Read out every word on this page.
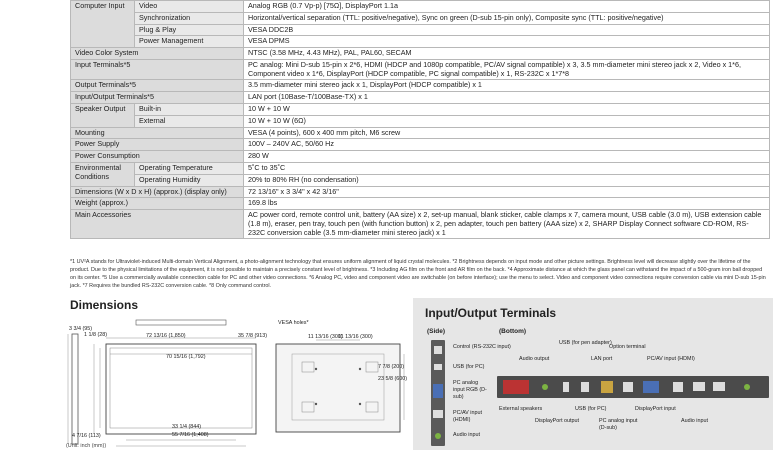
Computer Input	Video	Analog RGB (0.7 Vp-p) [75Ω], DisplayPort 1.1a
	Synchronization	Horizontal/vertical separation (TTL: positive/negative), Sync on green (D-sub 15-pin only), Composite sync (TTL: positive/negative)
	Plug & Play	VESA DDC2B
	Power Management	VESA DPMS
Video Color System		NTSC (3.58 MHz, 4.43 MHz), PAL, PAL60, SECAM
Input Terminals*5		PC analog: Mini D-sub 15-pin x 2*6, HDMI (HDCP and 1080p compatible, PC/AV signal compatible) x 3, 3.5 mm-diameter mini stereo jack x 2, Video x 1*6, Component video x 1*6, DisplayPort (HDCP compatible, PC signal compatible) x 1, RS-232C x 1*7*8
Output Terminals*5		3.5 mm-diameter mini stereo jack x 1, DisplayPort (HDCP compatible) x 1
Input/Output Terminals*5		LAN port (10Base-T/100Base-TX) x 1
Speaker Output	Built-in	10 W + 10 W
	External	10 W + 10 W (6Ω)
Mounting		VESA (4 points), 600 x 400 mm pitch, M6 screw
Power Supply		100V – 240V AC, 50/60 Hz
Power Consumption		280 W
Environmental Conditions	Operating Temperature	5˚C to 35˚C
	Operating Humidity	20% to 80% RH (no condensation)
Dimensions (W x D x H) (approx.) (display only)		72 13/16" x 3 3/4" x 42 3/16"
Weight (approx.)		169.8 lbs
Main Accessories		AC power cord, remote control unit, battery (AA size) x 2, set-up manual, blank sticker, cable clamps x 7, camera mount, USB cable (3.0 m), USB extension cable (1.8 m), eraser, pen tray, touch pen (with function button) x 2, pen adapter, touch pen battery (AAA size) x 2, SHARP Display Connect software CD-ROM, RS-232C conversion cable (3.5 mm-diameter mini stereo jack) x 1
*1 UV²A stands for Ultraviolet-induced Multi-domain Vertical Alignment, a photo-alignment technology that ensures uniform alignment of liquid crystal molecules. *2 Brightness depends on input mode and other picture settings. Brightness level will decrease slightly over the lifetime of the product. Due to the physical limitations of the equipment, it is not possible to maintain a precisely constant level of brightness. *3 Including AG film on the front and AR film on the back. *4 Approximate distance at which the glass panel can withstand the impact of a 500-gram iron ball dropped on its center. *5 Use a commercially available connection cable for PC and other video connections. *6 Analog PC, video and component video are switchable (on before interface); use the menu to select. Video and component video connections require conversion cable via mini D-sub 15-pin jack. *7 Requires the bundled RS-232C conversion cable. *8 Only command control.
Dimensions
3 3/4 (95)
1 1/8 (28)	72 13/16 (1,850)
70 15/16 (1,792)
35 7/8 (913)
33 1/4 (844)
55 7/16 (1,408)
VESA holes*
11 13/16 (300)
11 13/16 (300)
7 7/8 (200)
23 5/8 (600)
4 7/16 (113)
(Unit: inch (mm))
Input/Output Terminals
(Side)	(Bottom)
Control (RS-232C input)
USB (for PC)
PC analog input RGB (D-sub)
PC/AV input (HDMI)
Audio input
USB (for pen adapter)
Option terminal
Audio output	LAN port	PC/AV input (HDMI)
External speakers	USB (for PC)	DisplayPort input
DisplayPort output	PC analog input (D-sub)
Audio input
